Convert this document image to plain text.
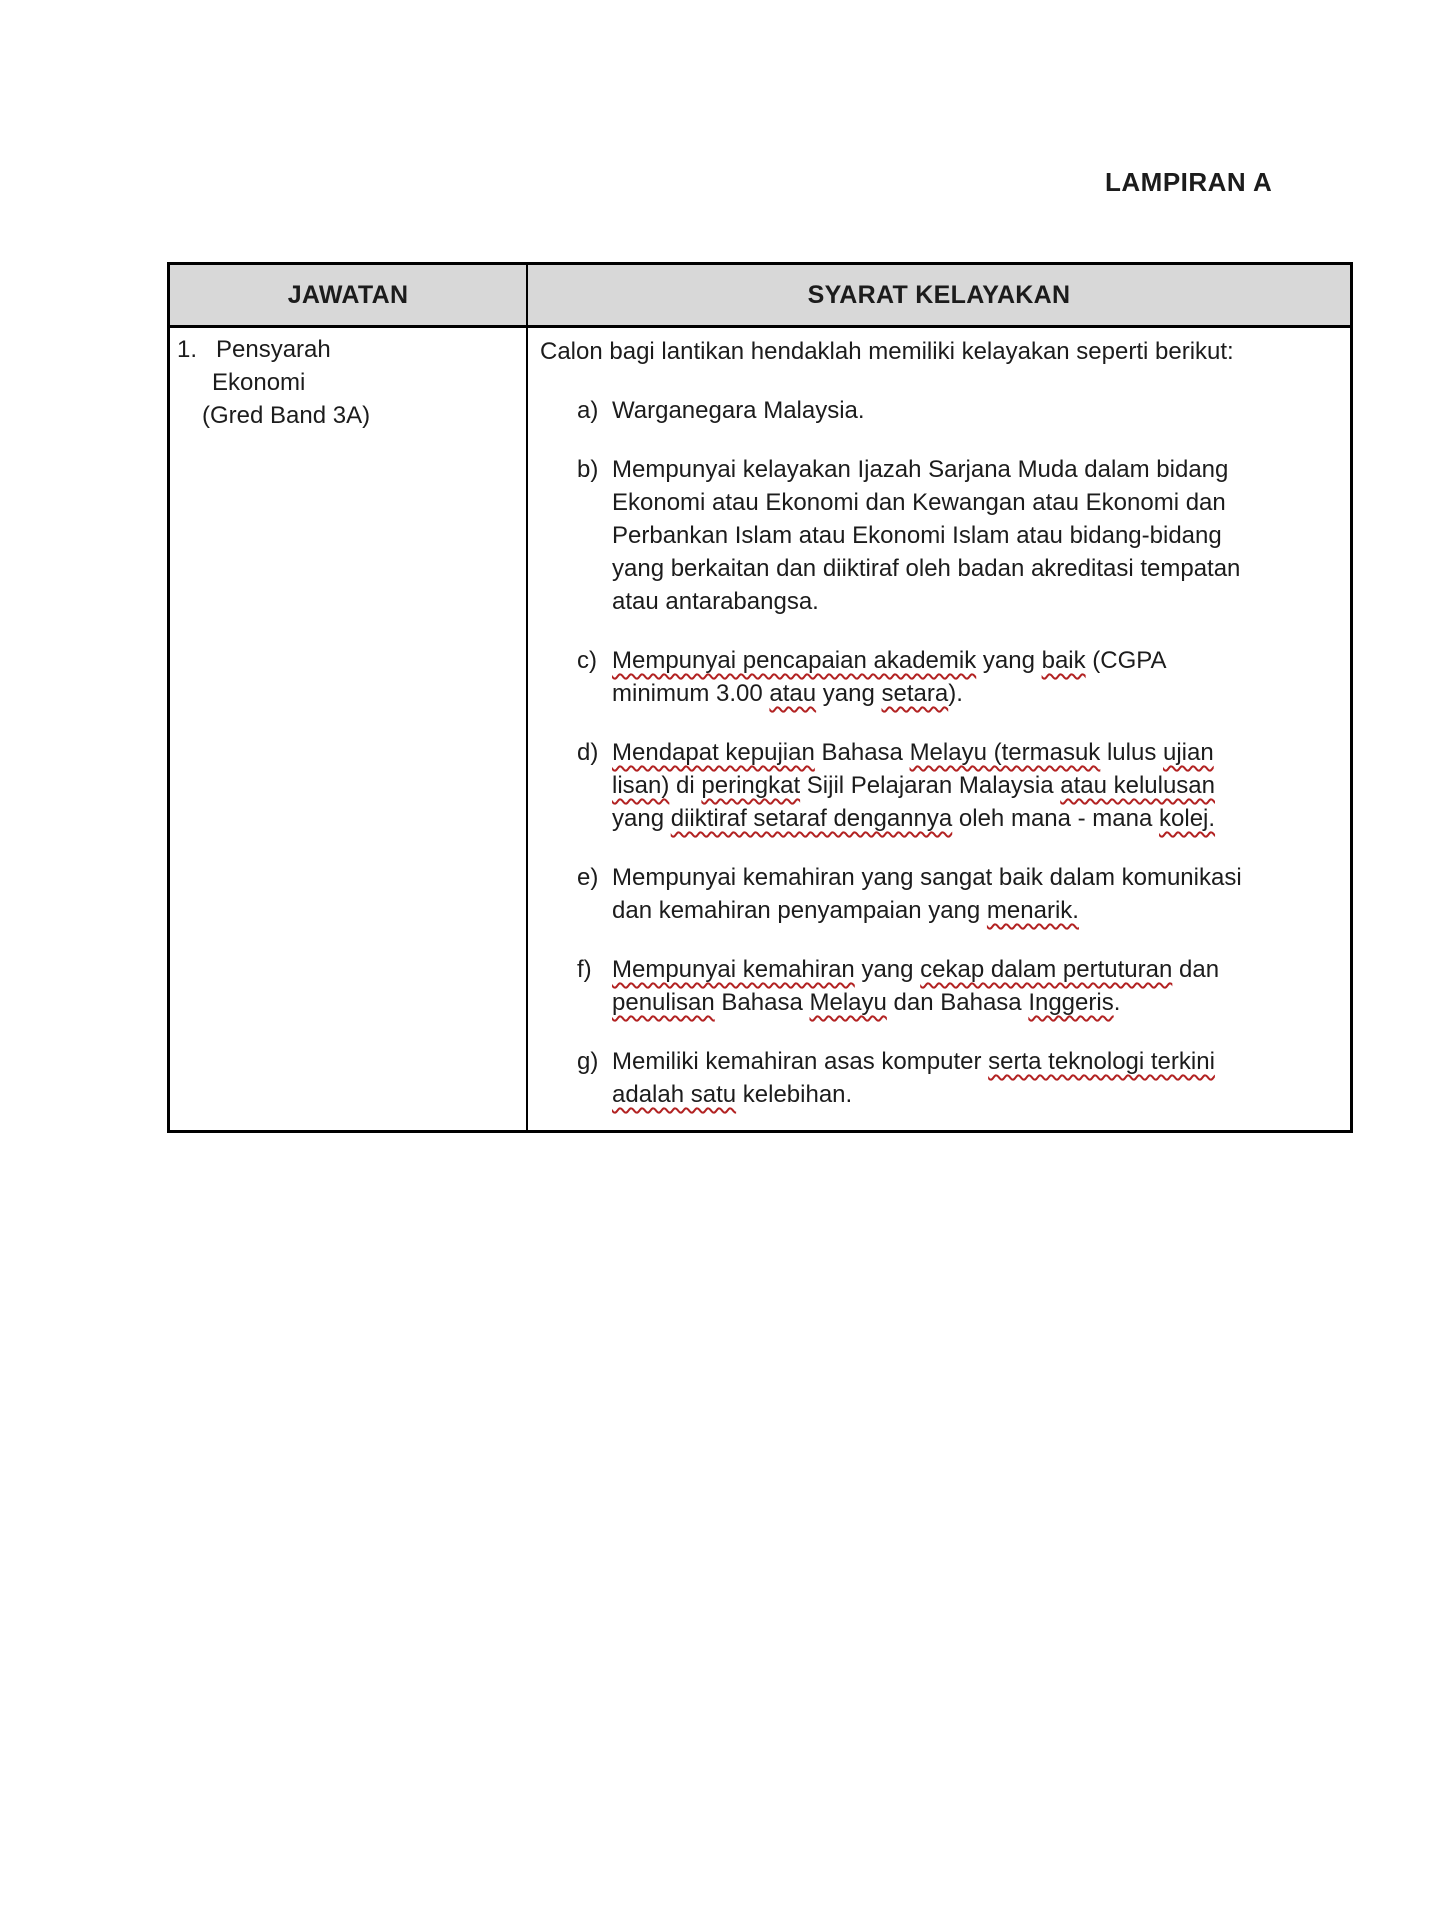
LAMPIRAN A
JAWATAN	SYARAT KELAYAKAN
1. Pensyarah
Ekonomi
(Gred Band 3A)
Calon bagi lantikan hendaklah memiliki kelayakan seperti berikut:
a) Warganegara Malaysia.
b) Mempunyai kelayakan Ijazah Sarjana Muda dalam bidang
Ekonomi atau Ekonomi dan Kewangan atau Ekonomi dan
Perbankan Islam atau Ekonomi Islam atau bidang-bidang
yang berkaitan dan diiktiraf oleh badan akreditasi tempatan
atau antarabangsa.
c) Mempunyai pencapaian akademik yang baik (CGPA
minimum 3.00 atau yang setara).
d) Mendapat kepujian Bahasa Melayu (termasuk lulus ujian
lisan) di peringkat Sijil Pelajaran Malaysia atau kelulusan
yang diiktiraf setaraf dengannya oleh mana - mana kolej.
e) Mempunyai kemahiran yang sangat baik dalam komunikasi
dan kemahiran penyampaian yang menarik.
f) Mempunyai kemahiran yang cekap dalam pertuturan dan
penulisan Bahasa Melayu dan Bahasa Inggeris.
g) Memiliki kemahiran asas komputer serta teknologi terkini
adalah satu kelebihan.
